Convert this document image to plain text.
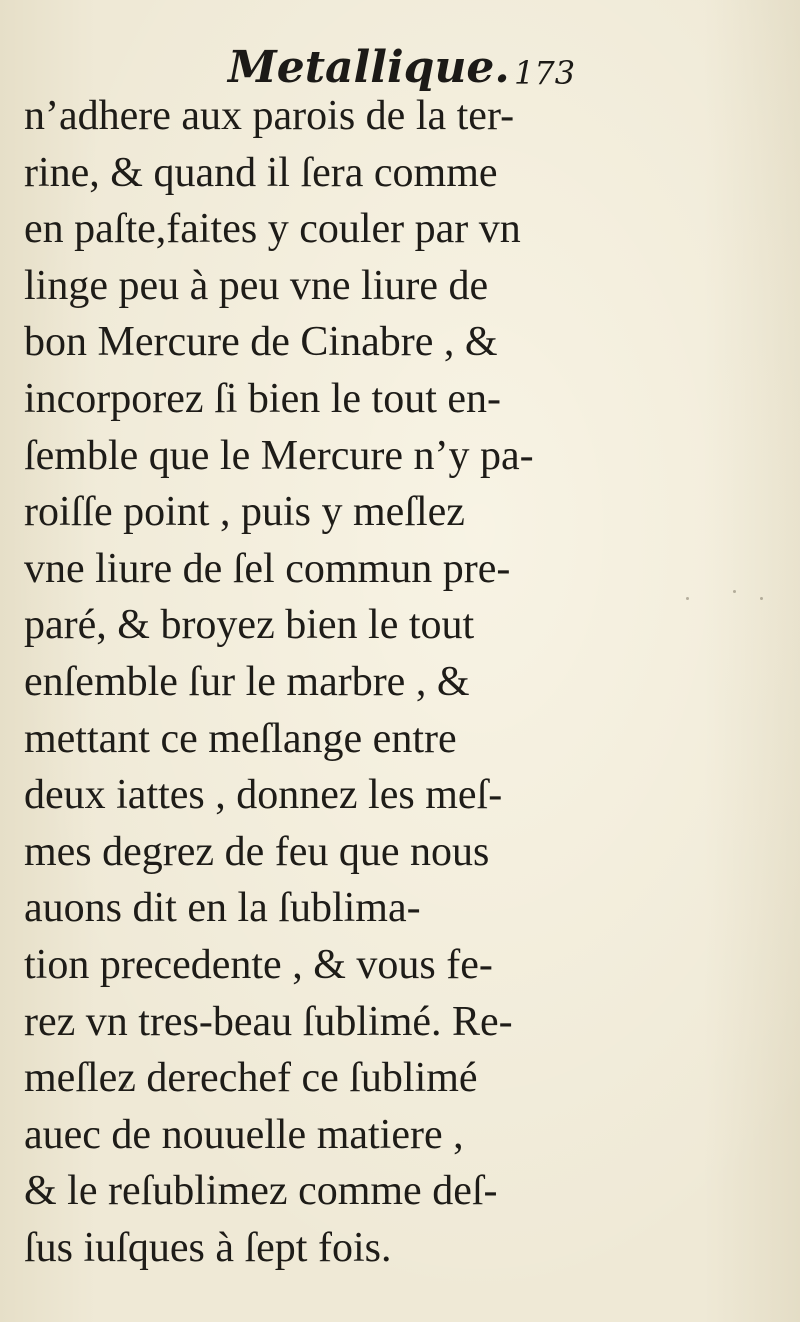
Metallique. 173
n’adhere aux parois de la ter-
rine, & quand il ſera comme
en paſte,faites y couler par vn
linge peu à peu vne liure de
bon Mercure de Cinabre , &
incorporez ſi bien le tout en-
ſemble que le Mercure n’y pa-
roiſſe point , puis y meſlez
vne liure de ſel commun pre-
paré, & broyez bien le tout
enſemble ſur le marbre , &
mettant ce meſlange entre
deux iattes , donnez les meſ-
mes degrez de feu que nous
auons dit en la ſublima-
tion precedente , & vous fe-
rez vn tres-beau ſublimé. Re-
meſlez derechef ce ſublimé
auec de nouuelle matiere ,
& le reſublimez comme deſ-
ſus iuſques à ſept fois.
